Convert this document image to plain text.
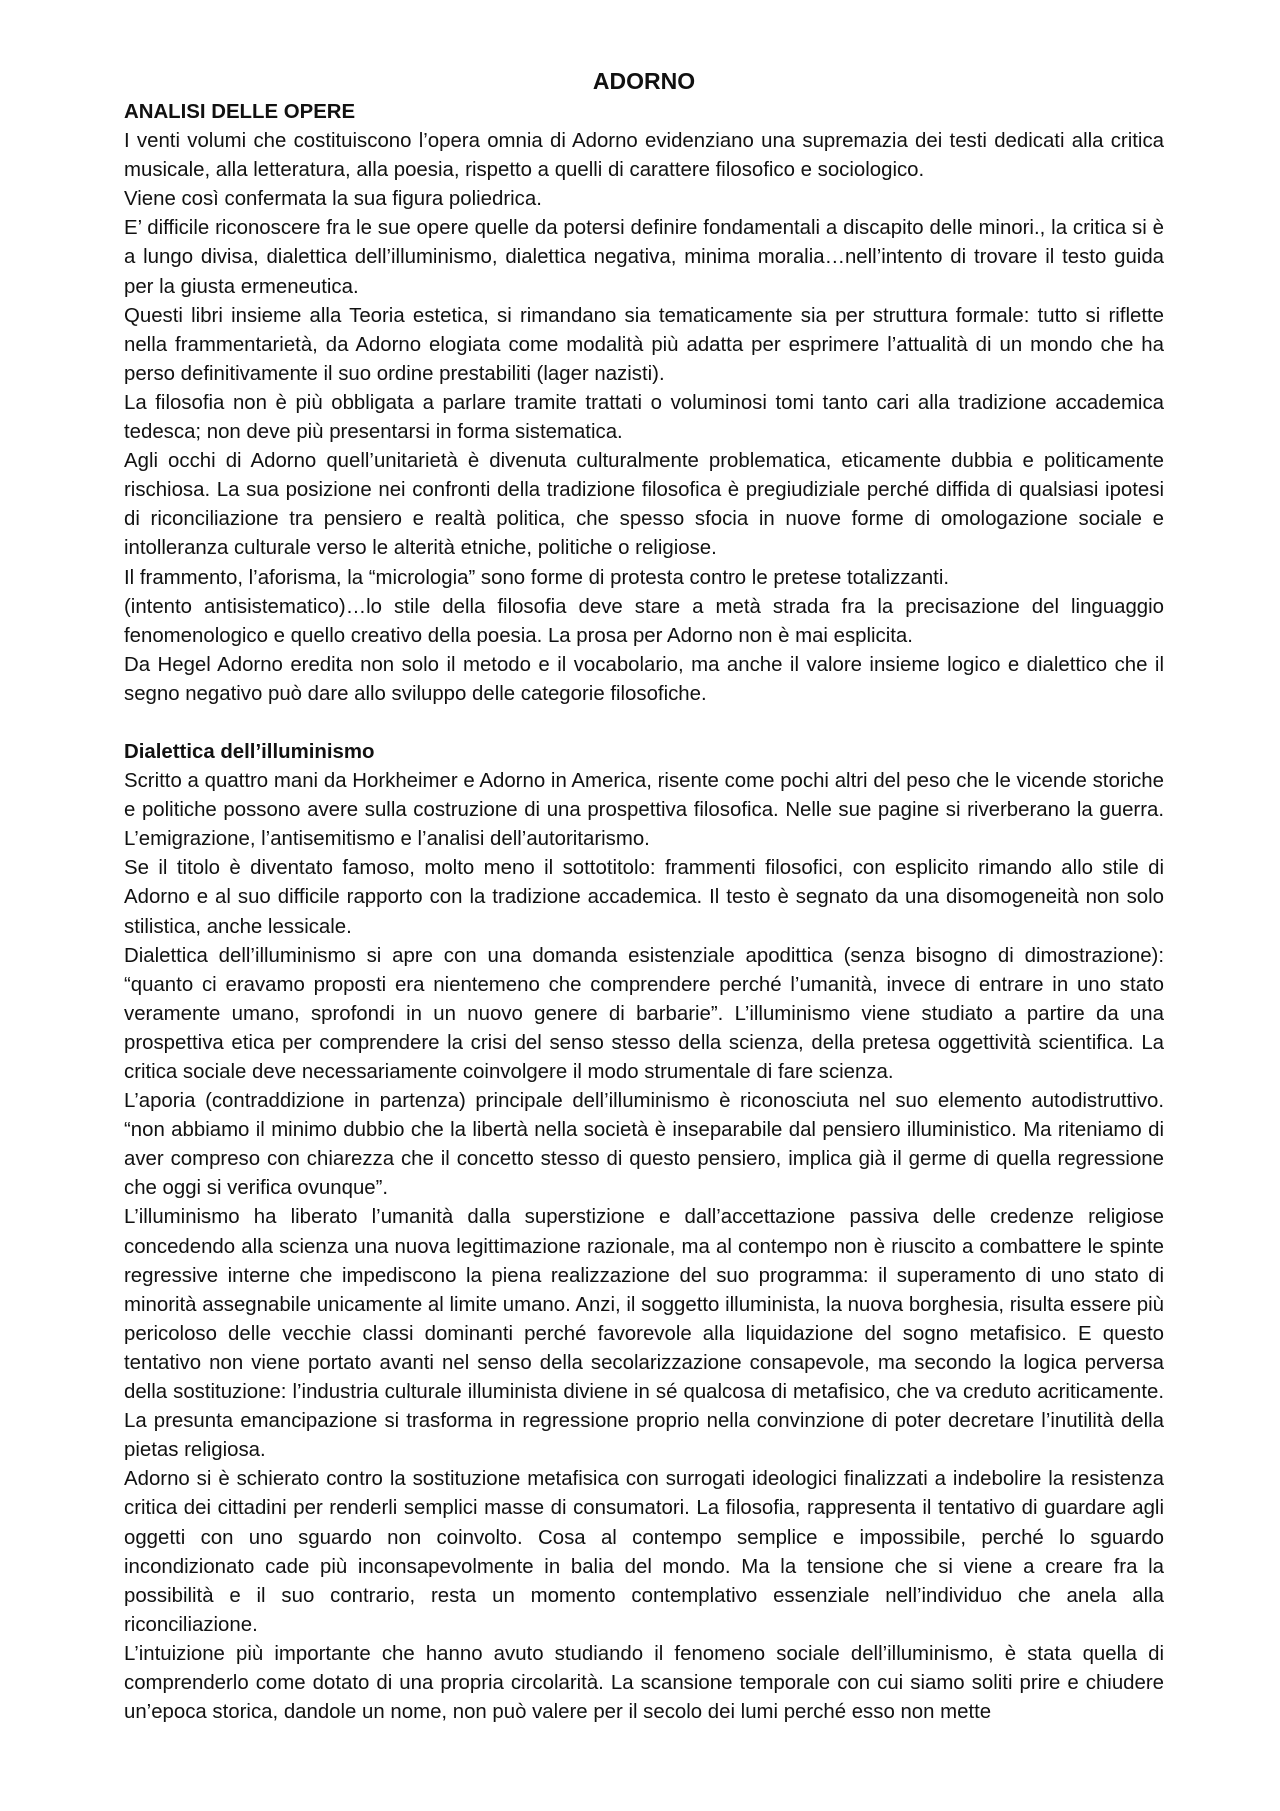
ADORNO
ANALISI DELLE OPERE

I venti volumi che costituiscono l’opera omnia di Adorno evidenziano una supremazia dei testi dedicati alla critica musicale, alla letteratura, alla poesia, rispetto a quelli di carattere filosofico e sociologico.

Viene così confermata la sua figura poliedrica.

E’ difficile riconoscere fra le sue opere quelle da potersi definire fondamentali a discapito delle minori., la critica si è a lungo divisa, dialettica dell’illuminismo, dialettica negativa, minima moralia…nell’intento di trovare il testo guida per la giusta ermeneutica.

Questi libri insieme alla Teoria estetica, si rimandano sia tematicamente sia per struttura formale: tutto si riflette nella frammentarietà, da Adorno elogiata come modalità più adatta per esprimere l’attualità di un mondo che ha perso definitivamente il suo ordine prestabiliti (lager nazisti).

La filosofia non è più obbligata a parlare tramite trattati o voluminosi tomi tanto cari alla tradizione accademica tedesca; non deve più presentarsi in forma sistematica.

Agli occhi di Adorno quell’unitarietà è divenuta culturalmente problematica, eticamente dubbia e politicamente rischiosa. La sua posizione nei confronti della tradizione filosofica è pregiudiziale perché diffida di qualsiasi ipotesi di riconciliazione tra pensiero e realtà politica, che spesso sfocia in nuove forme di omologazione sociale e intolleranza culturale verso le alterità etniche, politiche o religiose.

Il frammento, l’aforisma, la “micrologia” sono forme di protesta contro le pretese totalizzanti.

(intento antisistematico)…lo stile della filosofia deve stare a metà strada fra la precisazione del linguaggio fenomenologico e quello creativo della poesia. La prosa per Adorno non è mai esplicita.

Da Hegel Adorno eredita non solo il metodo e il vocabolario, ma anche il valore insieme logico e dialettico che il segno negativo può dare allo sviluppo delle categorie filosofiche.

Dialettica dell’illuminismo

Scritto a quattro mani da Horkheimer e Adorno in America, risente come pochi altri del peso che le vicende storiche e politiche possono avere sulla costruzione di una prospettiva filosofica. Nelle sue pagine si riverberano la guerra. L’emigrazione, l’antisemitismo e l’analisi dell’autoritarismo.

Se il titolo è diventato famoso, molto meno il sottotitolo: frammenti filosofici, con esplicito rimando allo stile di Adorno e al suo difficile rapporto con la tradizione accademica. Il testo è segnato da una disomogeneità non solo stilistica, anche lessicale.

Dialettica dell’illuminismo si apre con una domanda esistenziale apodittica (senza bisogno di dimostrazione): “quanto ci eravamo proposti era nientemeno che comprendere perché l’umanità, invece di entrare in uno stato veramente umano, sprofondi in un nuovo genere di barbarie”. L’illuminismo viene studiato a partire da una prospettiva etica per comprendere la crisi del senso stesso della scienza, della pretesa oggettività scientifica. La critica sociale deve necessariamente coinvolgere il modo strumentale di fare scienza.

L’aporia (contraddizione in partenza) principale dell’illuminismo è riconosciuta nel suo elemento autodistruttivo. “non abbiamo il minimo dubbio che la libertà nella società è inseparabile dal pensiero illuministico. Ma riteniamo di aver compreso con chiarezza che il concetto stesso di questo pensiero, implica già il germe di quella regressione che oggi si verifica ovunque”.

L’illuminismo ha liberato l’umanità dalla superstizione e dall’accettazione passiva delle credenze religiose concedendo alla scienza una nuova legittimazione razionale, ma al contempo non è riuscito a combattere le spinte regressive interne che impediscono la piena realizzazione del suo programma: il superamento di uno stato di minorità assegnabile unicamente al limite umano. Anzi, il soggetto illuminista, la nuova borghesia, risulta essere più pericoloso delle vecchie classi dominanti perché favorevole alla liquidazione del sogno metafisico. E questo tentativo non viene portato avanti nel senso della secolarizzazione consapevole, ma secondo la logica perversa della sostituzione: l’industria culturale illuminista diviene in sé qualcosa di metafisico, che va creduto acriticamente. La presunta emancipazione si trasforma in regressione proprio nella convinzione di poter decretare l’inutilità della pietas religiosa.

Adorno si è schierato contro la sostituzione metafisica con surrogati ideologici finalizzati a indebolire la resistenza critica dei cittadini per renderli semplici masse di consumatori. La filosofia, rappresenta il tentativo di guardare agli oggetti con uno sguardo non coinvolto. Cosa al contempo semplice e impossibile, perché lo sguardo incondizionato cade più inconsapevolmente in balia del mondo. Ma la tensione che si viene a creare fra la possibilità e il suo contrario, resta un momento contemplativo essenziale nell’individuo che anela alla riconciliazione.

L’intuizione più importante che hanno avuto studiando il fenomeno sociale dell’illuminismo, è stata quella di comprenderlo come dotato di una propria circolarità. La scansione temporale con cui siamo soliti prire e chiudere un’epoca storica, dandole un nome, non può valere per il secolo dei lumi perché esso non mette
